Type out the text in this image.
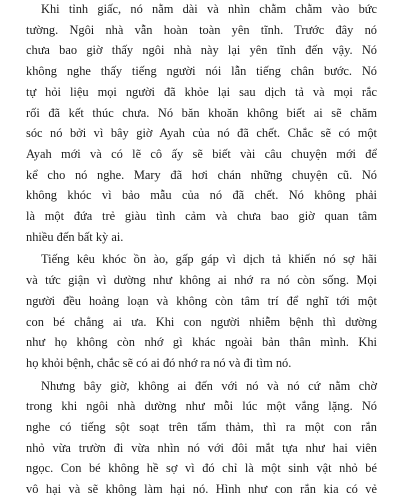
Khi tỉnh giấc, nó nằm dài và nhìn chằm chằm vào bức
tường. Ngôi nhà vẫn hoàn toàn yên tĩnh. Trước đây nó
chưa bao giờ thấy ngôi nhà này lại yên tĩnh đến vậy. Nó
không nghe thấy tiếng người nói lẫn tiếng chân bước. Nó
tự hỏi liệu mọi người đã khỏe lại sau dịch tả và mọi rắc
rối đã kết thúc chưa. Nó băn khoăn không biết ai sẽ chăm
sóc nó bởi vì bây giờ Ayah của nó đã chết. Chắc sẽ có một
Ayah mới và có lẽ cô ấy sẽ biết vài câu chuyện mới để
kể cho nó nghe. Mary đã hơi chán những chuyện cũ. Nó
không khóc vì bảo mẫu của nó đã chết. Nó không phải
là một đứa trẻ giàu tình cảm và chưa bao giờ quan tâm
nhiều đến bất kỳ ai.

Tiếng kêu khóc ồn ào, gấp gáp vì dịch tả khiến nó sợ hãi
và tức giận vì dường như không ai nhớ ra nó còn sống. Mọi
người đều hoảng loạn và không còn tâm trí để nghĩ tới một
con bé chẳng ai ưa. Khi con người nhiễm bệnh thì dường
như họ không còn nhớ gì khác ngoài bản thân mình. Khi
họ khỏi bệnh, chắc sẽ có ai đó nhớ ra nó và đi tìm nó.

Nhưng bây giờ, không ai đến với nó và nó cứ nằm chờ
trong khi ngôi nhà dường như mỗi lúc một vắng lặng. Nó
nghe có tiếng sột soạt trên tấm thảm, thì ra một con rắn
nhỏ vừa trườn đi vừa nhìn nó với đôi mắt tựa như hai viên
ngọc. Con bé không hề sợ vì đó chỉ là một sinh vật nhỏ bé
vô hại và sẽ không làm hại nó. Hình như con rắn kia có vẻ
